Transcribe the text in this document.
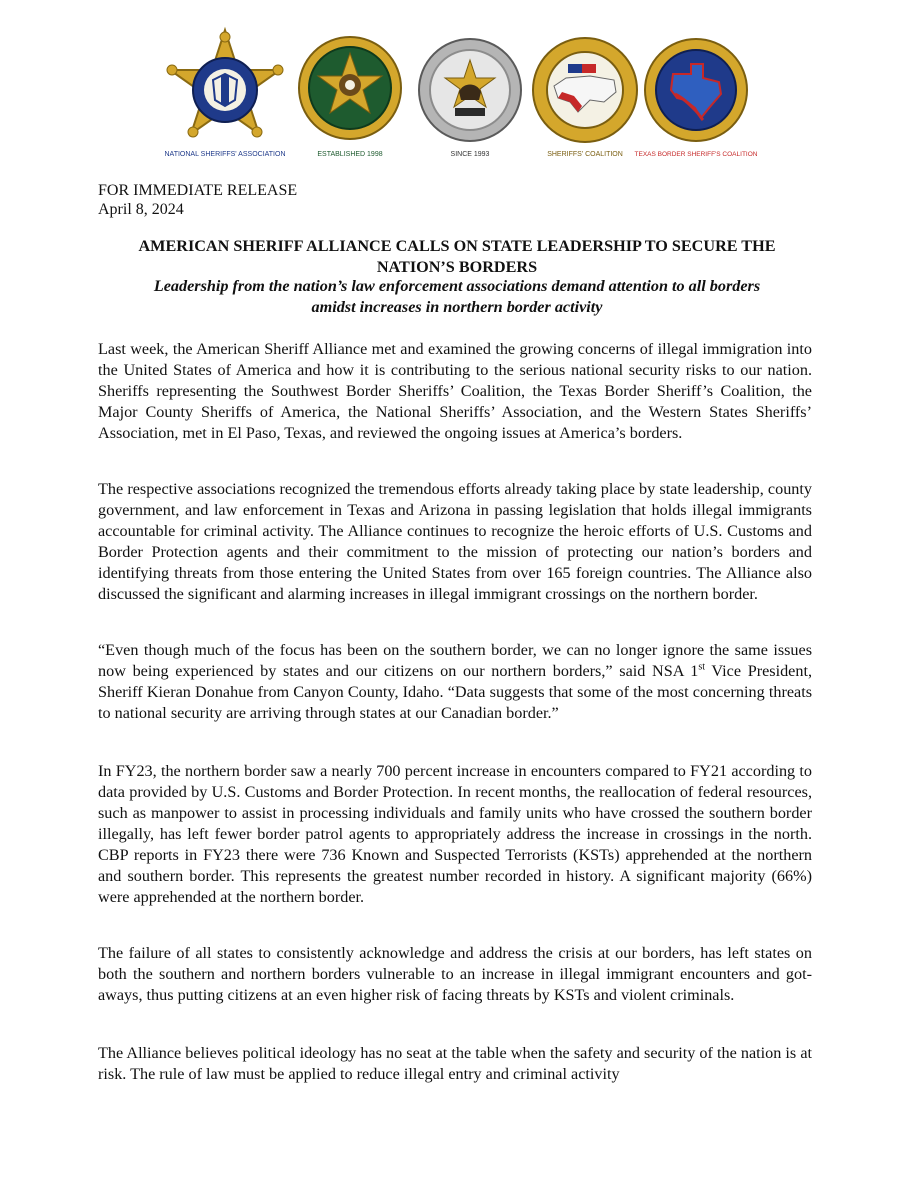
NATIONAL SHERIFFS' ASSOCIATION	ESTABLISHED 1998	SINCE 1993	SHERIFFS' COALITION TEXAS BORDER SHERIFF'S COALITION
FOR IMMEDIATE RELEASE
April 8, 2024
AMERICAN SHERIFF ALLIANCE CALLS ON STATE LEADERSHIP TO SECURE THE
NATION’S BORDERS
Leadership from the nation’s law enforcement associations demand attention to all borders
amidst increases in northern border activity

Last week, the American Sheriff Alliance met and examined the growing concerns of illegal immigration into the United States of America and how it is contributing to the serious national security risks to our nation. Sheriffs representing the Southwest Border Sheriffs’ Coalition, the Texas Border Sheriff’s Coalition, the Major County Sheriffs of America, the National Sheriffs’ Association, and the Western States Sheriffs’ Association, met in El Paso, Texas, and reviewed the ongoing issues at America’s borders.

The respective associations recognized the tremendous efforts already taking place by state leadership, county government, and law enforcement in Texas and Arizona in passing legislation that holds illegal immigrants accountable for criminal activity. The Alliance continues to recognize the heroic efforts of U.S. Customs and Border Protection agents and their commitment to the mission of protecting our nation’s borders and identifying threats from those entering the United States from over 165 foreign countries. The Alliance also discussed the significant and alarming increases in illegal immigrant crossings on the northern border.

“Even though much of the focus has been on the southern border, we can no longer ignore the same issues now being experienced by states and our citizens on our northern borders,” said NSA 1st Vice President, Sheriff Kieran Donahue from Canyon County, Idaho. “Data suggests that some of the most concerning threats to national security are arriving through states at our Canadian border.”

In FY23, the northern border saw a nearly 700 percent increase in encounters compared to FY21 according to data provided by U.S. Customs and Border Protection. In recent months, the reallocation of federal resources, such as manpower to assist in processing individuals and family units who have crossed the southern border illegally, has left fewer border patrol agents to appropriately address the increase in crossings in the north. CBP reports in FY23 there were 736 Known and Suspected Terrorists (KSTs) apprehended at the northern and southern border. This represents the greatest number recorded in history. A significant majority (66%) were apprehended at the northern border.

The failure of all states to consistently acknowledge and address the crisis at our borders, has left states on both the southern and northern borders vulnerable to an increase in illegal immigrant encounters and got-aways, thus putting citizens at an even higher risk of facing threats by KSTs and violent criminals.

The Alliance believes political ideology has no seat at the table when the safety and security of the nation is at risk. The rule of law must be applied to reduce illegal entry and criminal activity
